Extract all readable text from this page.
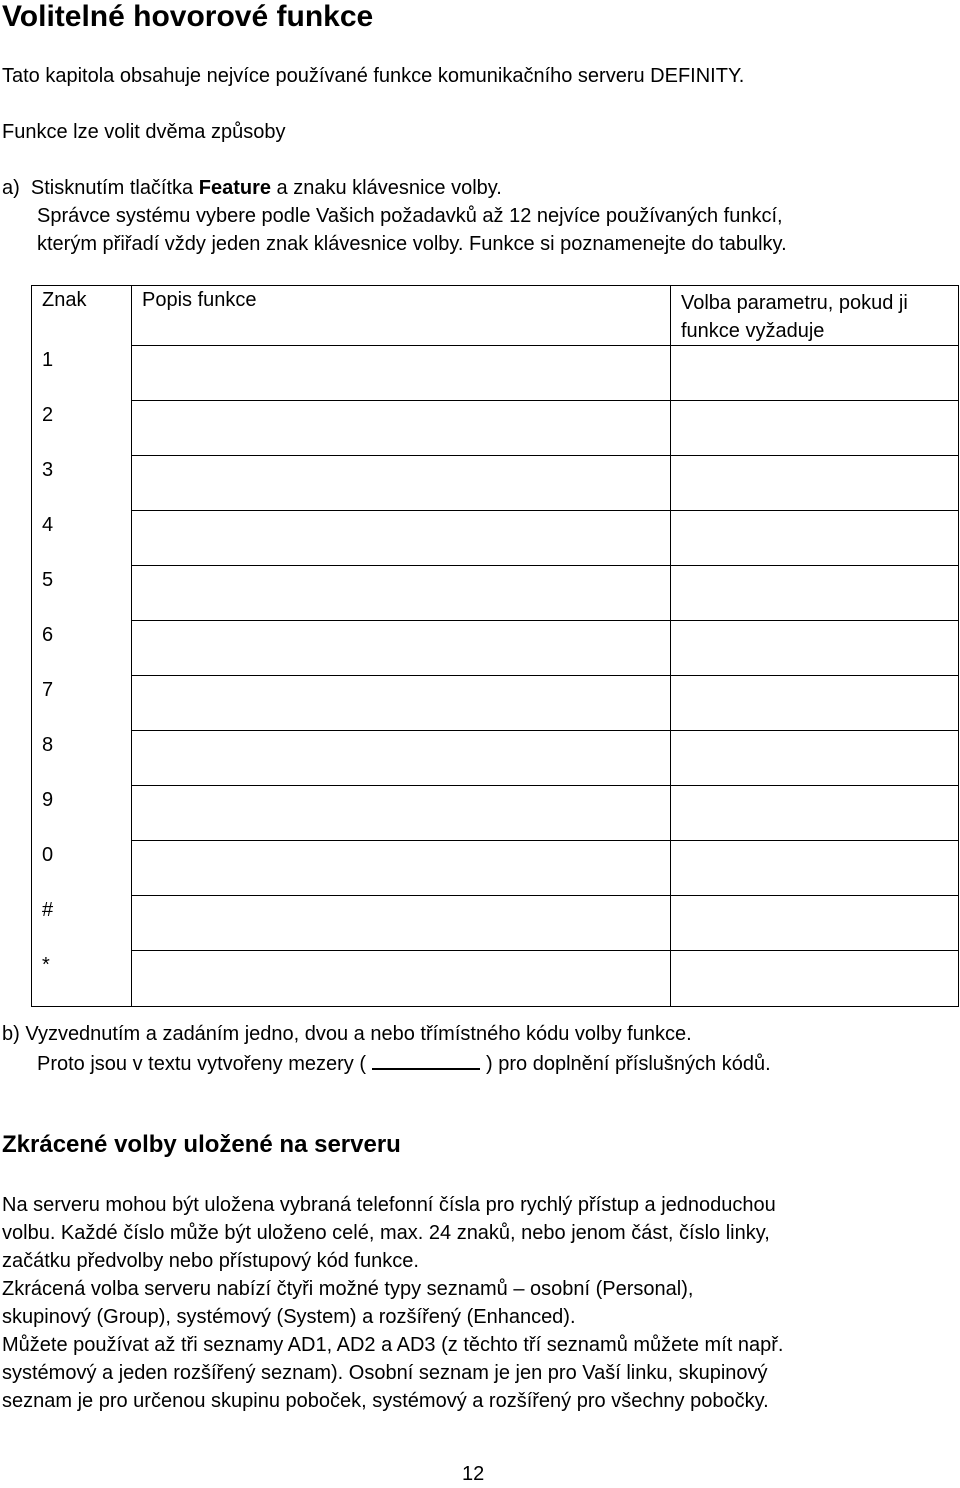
Volitelné hovorové funkce
Tato kapitola obsahuje nejvíce používané funkce komunikačního serveru DEFINITY.
Funkce lze volit dvěma způsoby
a)  Stisknutím tlačítka Feature a znaku klávesnice volby.
Správce systému vybere podle Vašich požadavků až 12 nejvíce používaných funkcí,
kterým přiřadí vždy jeden znak klávesnice volby. Funkce si poznamenejte do tabulky.
Znak	Popis funkce	Volba parametru, pokud ji funkce vyžaduje
1		
2		
3		
4		
5		
6		
7		
8		
9		
0		
#		
*		
b) Vyzvednutím a zadáním jedno, dvou a nebo třímístného kódu volby funkce.
Proto jsou v textu vytvořeny mezery (	) pro doplnění příslušných kódů.
Zkrácené volby uložené na serveru
Na serveru mohou být uložena vybraná telefonní čísla pro rychlý přístup a jednoduchou
volbu. Každé číslo může být uloženo celé, max. 24 znaků, nebo jenom část, číslo linky,
začátku předvolby nebo přístupový kód funkce.
Zkrácená volba serveru nabízí čtyři možné typy seznamů – osobní (Personal),
skupinový (Group), systémový (System) a rozšířený (Enhanced).
Můžete používat až tři seznamy AD1, AD2 a AD3 (z těchto tří seznamů můžete mít např.
systémový a jeden rozšířený seznam). Osobní seznam je jen pro Vaší linku, skupinový
seznam je pro určenou skupinu poboček, systémový a rozšířený pro všechny pobočky.
12
